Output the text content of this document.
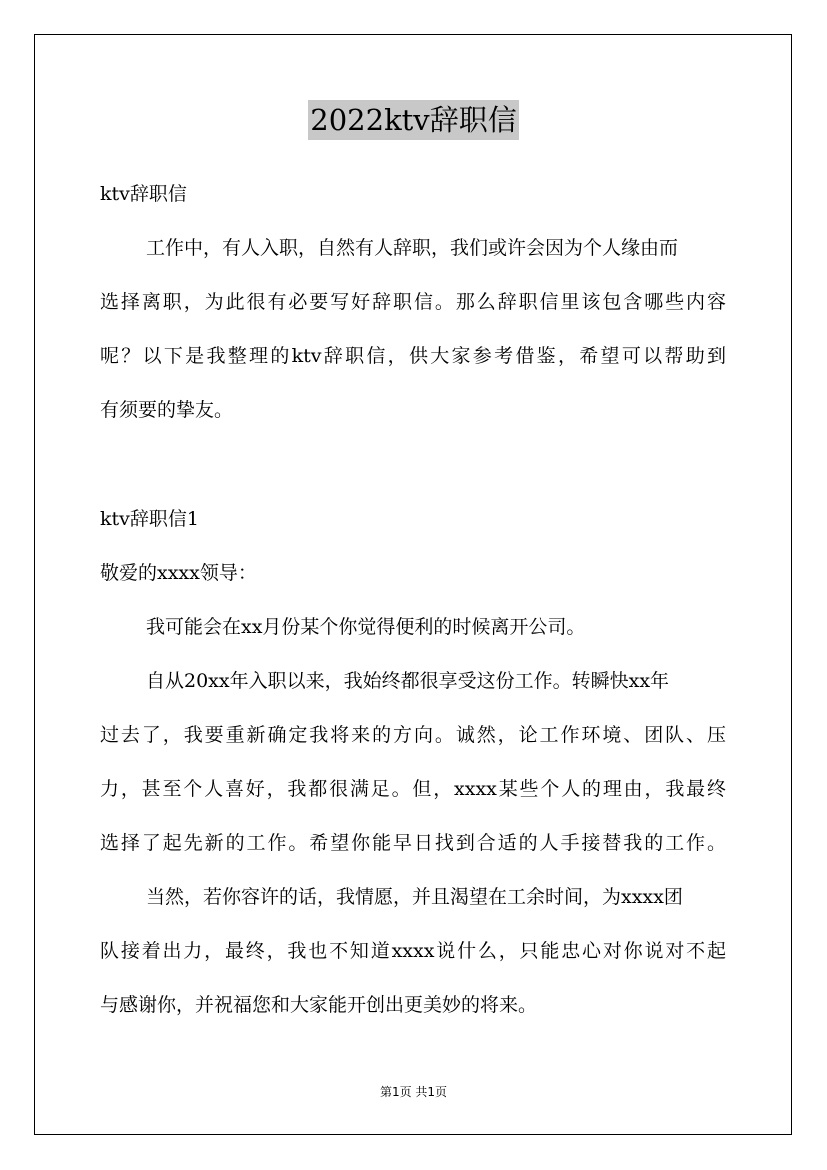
2022ktv辞职信
ktv辞职信
工作中，有人入职，自然有人辞职，我们或许会因为个人缘由而
选择离职，为此很有必要写好辞职信。那么辞职信里该包含哪些内容
呢？以下是我整理的ktv辞职信，供大家参考借鉴，希望可以帮助到
有须要的挚友。
ktv辞职信1
敬爱的xxxx领导：
我可能会在xx月份某个你觉得便利的时候离开公司。
自从20xx年入职以来，我始终都很享受这份工作。转瞬快xx年
过去了，我要重新确定我将来的方向。诚然，论工作环境、团队、压
力，甚至个人喜好，我都很满足。但，xxxx某些个人的理由，我最终
选择了起先新的工作。希望你能早日找到合适的人手接替我的工作。
当然，若你容许的话，我情愿，并且渴望在工余时间，为xxxx团
队接着出力，最终，我也不知道xxxx说什么，只能忠心对你说对不起
与感谢你，并祝福您和大家能开创出更美妙的将来。
第1页 共1页
